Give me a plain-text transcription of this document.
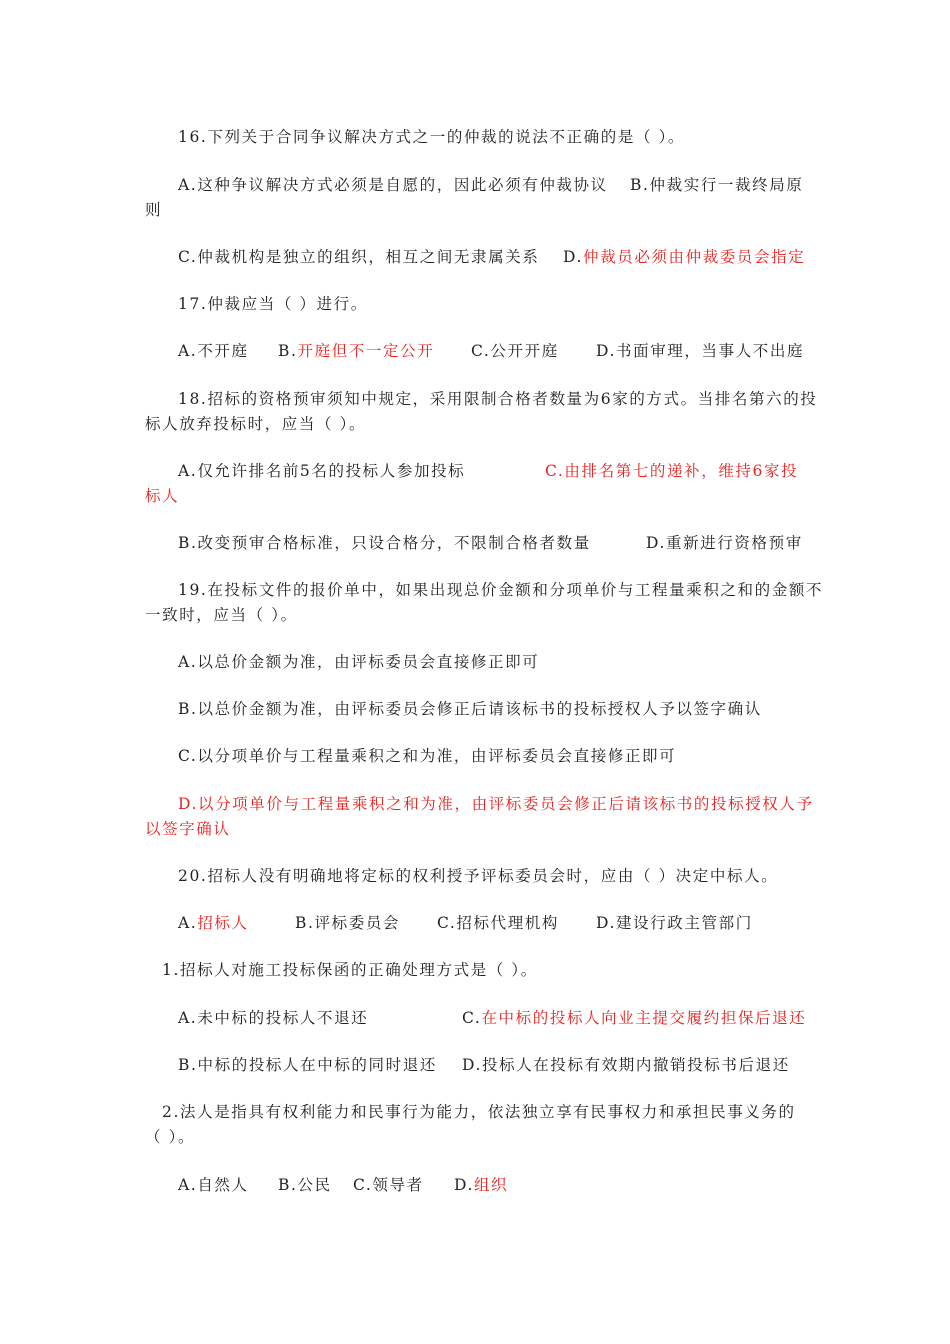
16.下列关于合同争议解决方式之一的仲裁的说法不正确的是（ ）。
A.这种争议解决方式必须是自愿的，因此必须有仲裁协议 B.仲裁实行一裁终局原
则
C.仲裁机构是独立的组织，相互之间无隶属关系 D.仲裁员必须由仲裁委员会指定
17.仲裁应当（ ）进行。
A.不开庭 B.开庭但不一定公开 C.公开开庭 D.书面审理，当事人不出庭
18.招标的资格预审须知中规定，采用限制合格者数量为6家的方式。当排名第六的投
标人放弃投标时，应当（ ）。
A.仅允许排名前5名的投标人参加投标	C.由排名第七的递补，维持6家投
标人
B.改变预审合格标准，只设合格分，不限制合格者数量	D.重新进行资格预审
19.在投标文件的报价单中，如果出现总价金额和分项单价与工程量乘积之和的金额不
一致时，应当（ ）。
A.以总价金额为准，由评标委员会直接修正即可
B.以总价金额为准，由评标委员会修正后请该标书的投标授权人予以签字确认
C.以分项单价与工程量乘积之和为准，由评标委员会直接修正即可
D.以分项单价与工程量乘积之和为准，由评标委员会修正后请该标书的投标授权人予
以签字确认
20.招标人没有明确地将定标的权利授予评标委员会时，应由（ ）决定中标人。
A.招标人	B.评标委员会 C.招标代理机构 D.建设行政主管部门
1.招标人对施工投标保函的正确处理方式是（ ）。
A.未中标的投标人不退还	C.在中标的投标人向业主提交履约担保后退还
B.中标的投标人在中标的同时退还 D.投标人在投标有效期内撤销投标书后退还
2.法人是指具有权利能力和民事行为能力，依法独立享有民事权力和承担民事义务的
（ ）。
A.自然人 B.公民 C.领导者 D.组织
